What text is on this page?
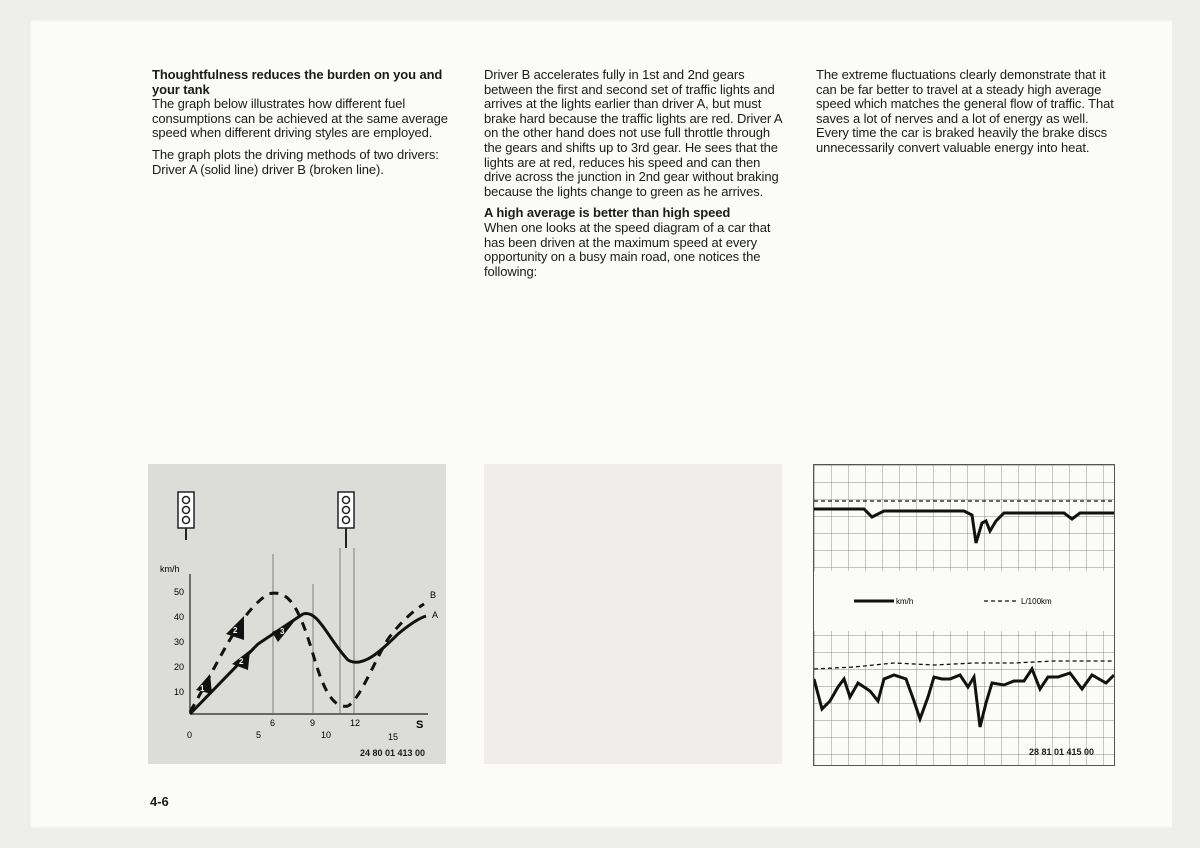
Thoughtfulness reduces the burden on you and your tank

The graph below illustrates how different fuel consumptions can be achieved at the same average speed when different driving styles are employed.

The graph plots the driving methods of two drivers: Driver A (solid line) driver B (broken line).

Driver B accelerates fully in 1st and 2nd gears between the first and second set of traffic lights and arrives at the lights earlier than driver A, but must brake hard because the traffic lights are red. Driver A on the other hand does not use full throttle through the gears and shifts up to 3rd gear. He sees that the lights are at red, reduces his speed and can then drive across the junction in 2nd gear without braking because the lights change to green as he arrives.

A high average is better than high speed

When one looks at the speed diagram of a car that has been driven at the maximum speed at every opportunity on a busy main road, one notices the following:

The extreme fluctuations clearly demonstrate that it can be far better to travel at a steady high average speed which matches the general flow of traffic. That saves a lot of nerves and a lot of energy as well. Every time the car is braked heavily the brake discs unnecessarily convert valuable energy into heat.

km/h
50
40
30
20
10
0	5	10	15
6	9	12	S
B
A
1
2
2
3
24 80 01 413 00
km/h	L/100km
28 81 01 415 00
4-6
